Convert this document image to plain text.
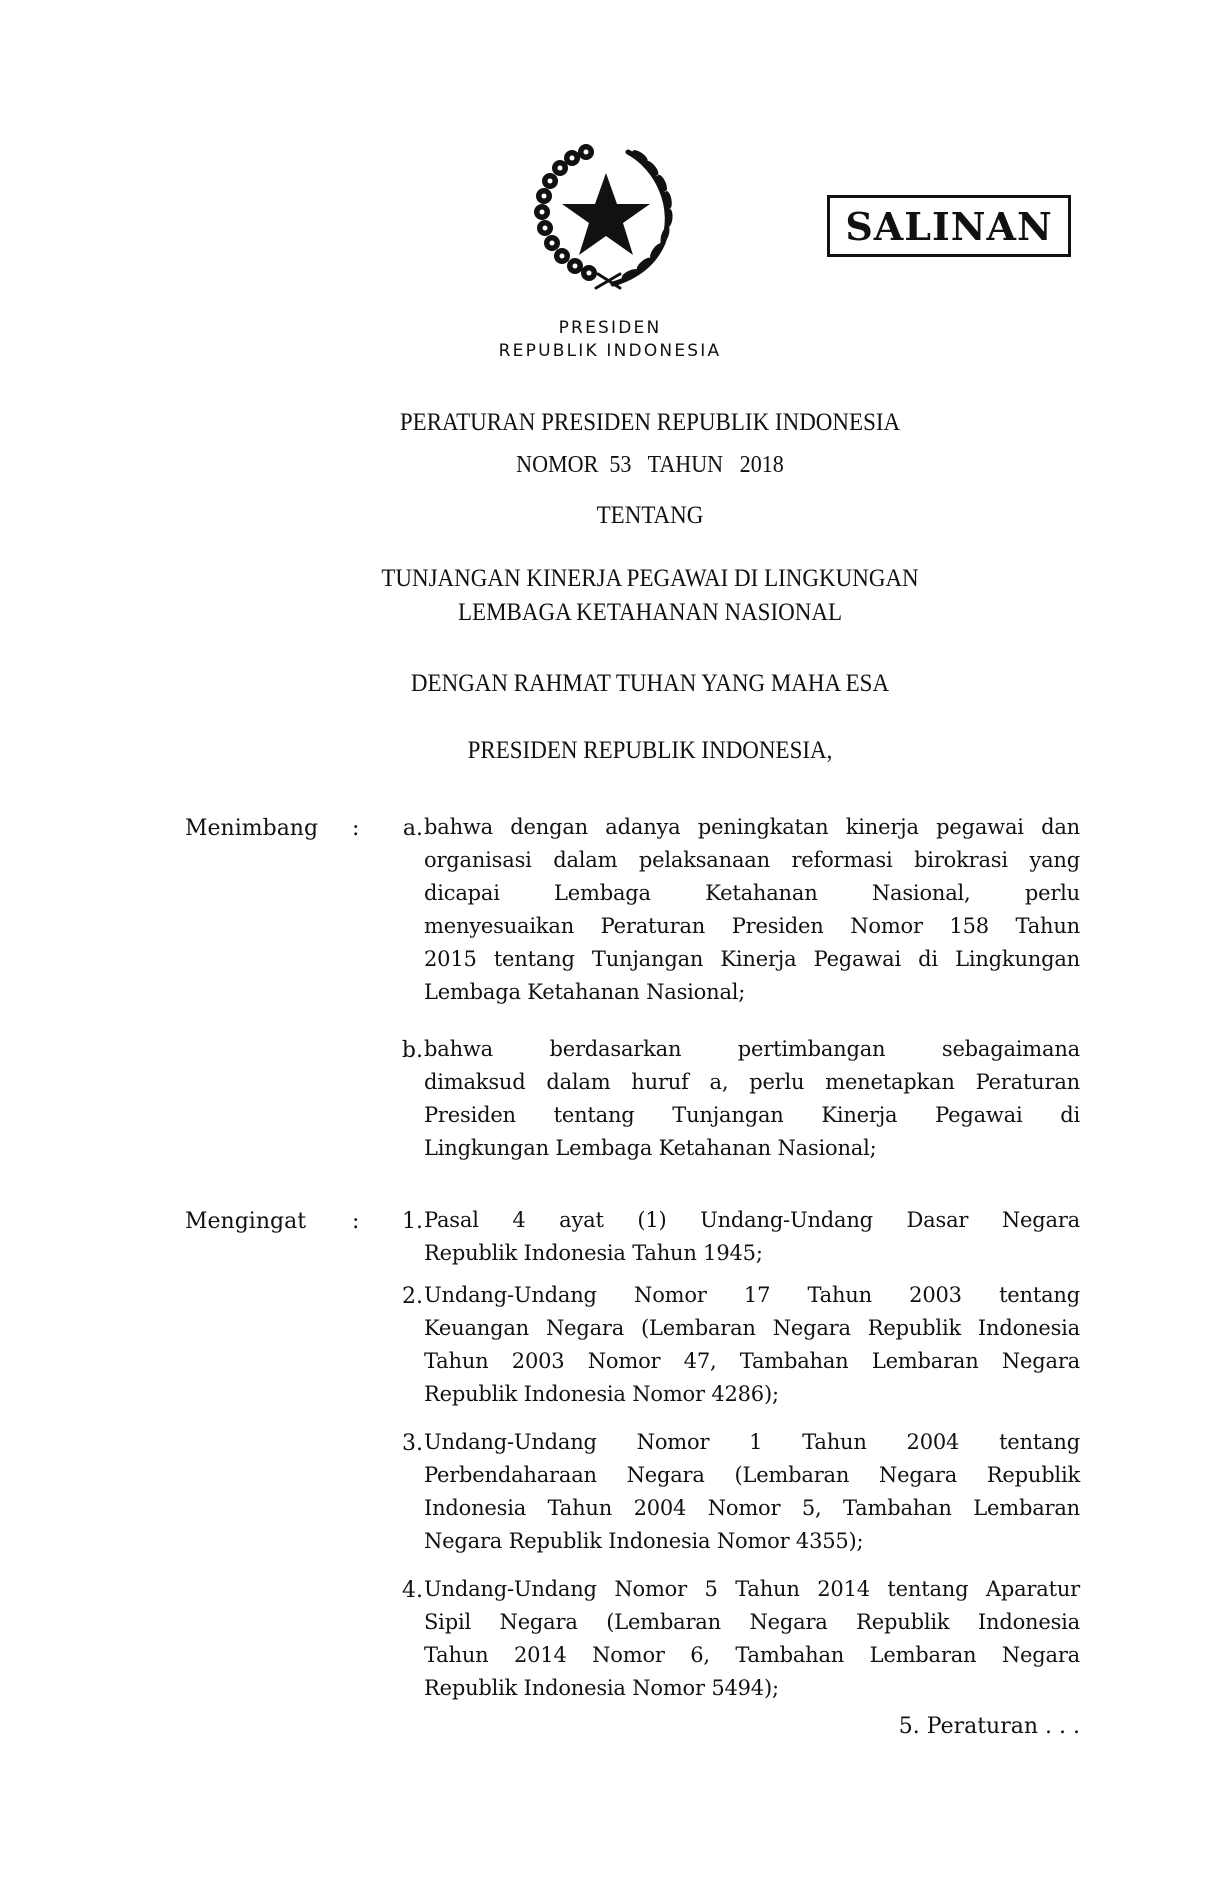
SALINAN
PRESIDEN
REPUBLIK INDONESIA
PERATURAN PRESIDEN REPUBLIK INDONESIA
NOMOR  53   TAHUN   2018
TENTANG
TUNJANGAN KINERJA PEGAWAI DI LINGKUNGAN
LEMBAGA KETAHANAN NASIONAL
DENGAN RAHMAT TUHAN YANG MAHA ESA
PRESIDEN REPUBLIK INDONESIA,
Menimbang :	a. bahwa dengan adanya peningkatan kinerja pegawai dan
organisasi dalam pelaksanaan reformasi birokrasi yang
dicapai Lembaga Ketahanan Nasional, perlu
menyesuaikan Peraturan Presiden Nomor 158 Tahun
2015 tentang Tunjangan Kinerja Pegawai di Lingkungan
Lembaga Ketahanan Nasional;
b. bahwa berdasarkan pertimbangan sebagaimana
dimaksud dalam huruf a, perlu menetapkan Peraturan
Presiden tentang Tunjangan Kinerja Pegawai di
Lingkungan Lembaga Ketahanan Nasional;
Mengingat :	1. Pasal 4 ayat (1) Undang-Undang Dasar Negara
Republik Indonesia Tahun 1945;
2. Undang-Undang Nomor 17 Tahun 2003 tentang
Keuangan Negara (Lembaran Negara Republik Indonesia
Tahun 2003 Nomor 47, Tambahan Lembaran Negara
Republik Indonesia Nomor 4286);
3. Undang-Undang Nomor 1 Tahun 2004 tentang
Perbendaharaan Negara (Lembaran Negara Republik
Indonesia Tahun 2004 Nomor 5, Tambahan Lembaran
Negara Republik Indonesia Nomor 4355);
4. Undang-Undang Nomor 5 Tahun 2014 tentang Aparatur
Sipil Negara (Lembaran Negara Republik Indonesia
Tahun 2014 Nomor 6, Tambahan Lembaran Negara
Republik Indonesia Nomor 5494);
5. Peraturan . . .
